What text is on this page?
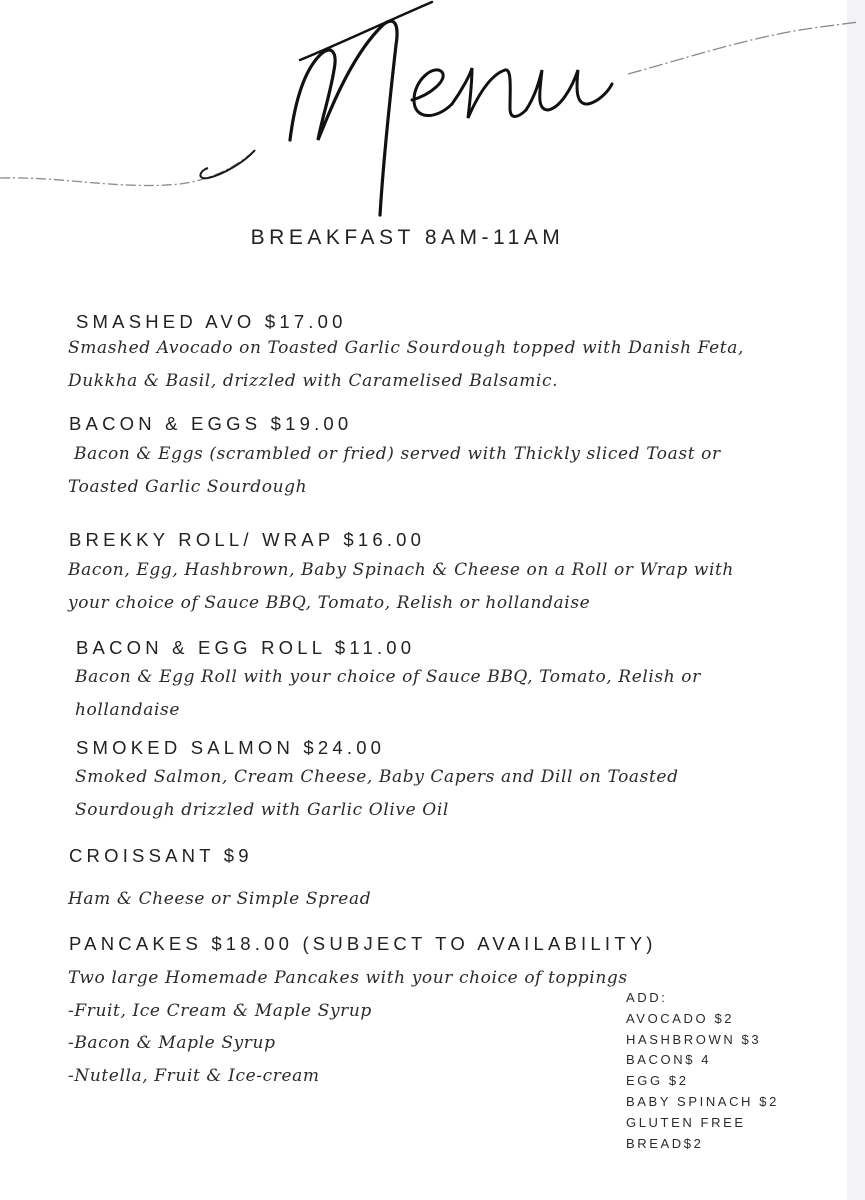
BREAKFAST 8AM-11AM
SMASHED AVO $17.00
Smashed Avocado on Toasted Garlic Sourdough topped with Danish Feta,
Dukkha & Basil, drizzled with Caramelised Balsamic.
BACON & EGGS $19.00
Bacon & Eggs (scrambled or fried) served with Thickly sliced Toast or
Toasted Garlic Sourdough
BREKKY ROLL/ WRAP $16.00
Bacon, Egg, Hashbrown, Baby Spinach & Cheese on a Roll or Wrap with
your choice of Sauce BBQ, Tomato, Relish or hollandaise
BACON & EGG ROLL $11.00
Bacon & Egg Roll with your choice of Sauce BBQ, Tomato, Relish or
hollandaise
SMOKED SALMON $24.00
Smoked Salmon, Cream Cheese, Baby Capers and Dill on Toasted
Sourdough drizzled with Garlic Olive Oil
CROISSANT $9
Ham & Cheese or Simple Spread
PANCAKES $18.00 (SUBJECT TO AVAILABILITY)
Two large Homemade Pancakes with your choice of toppings
-Fruit, Ice Cream & Maple Syrup
-Bacon & Maple Syrup
-Nutella, Fruit & Ice-cream
ADD:
AVOCADO $2
HASHBROWN $3
BACON$ 4
EGG $2
BABY SPINACH $2
GLUTEN FREE
BREAD$2
